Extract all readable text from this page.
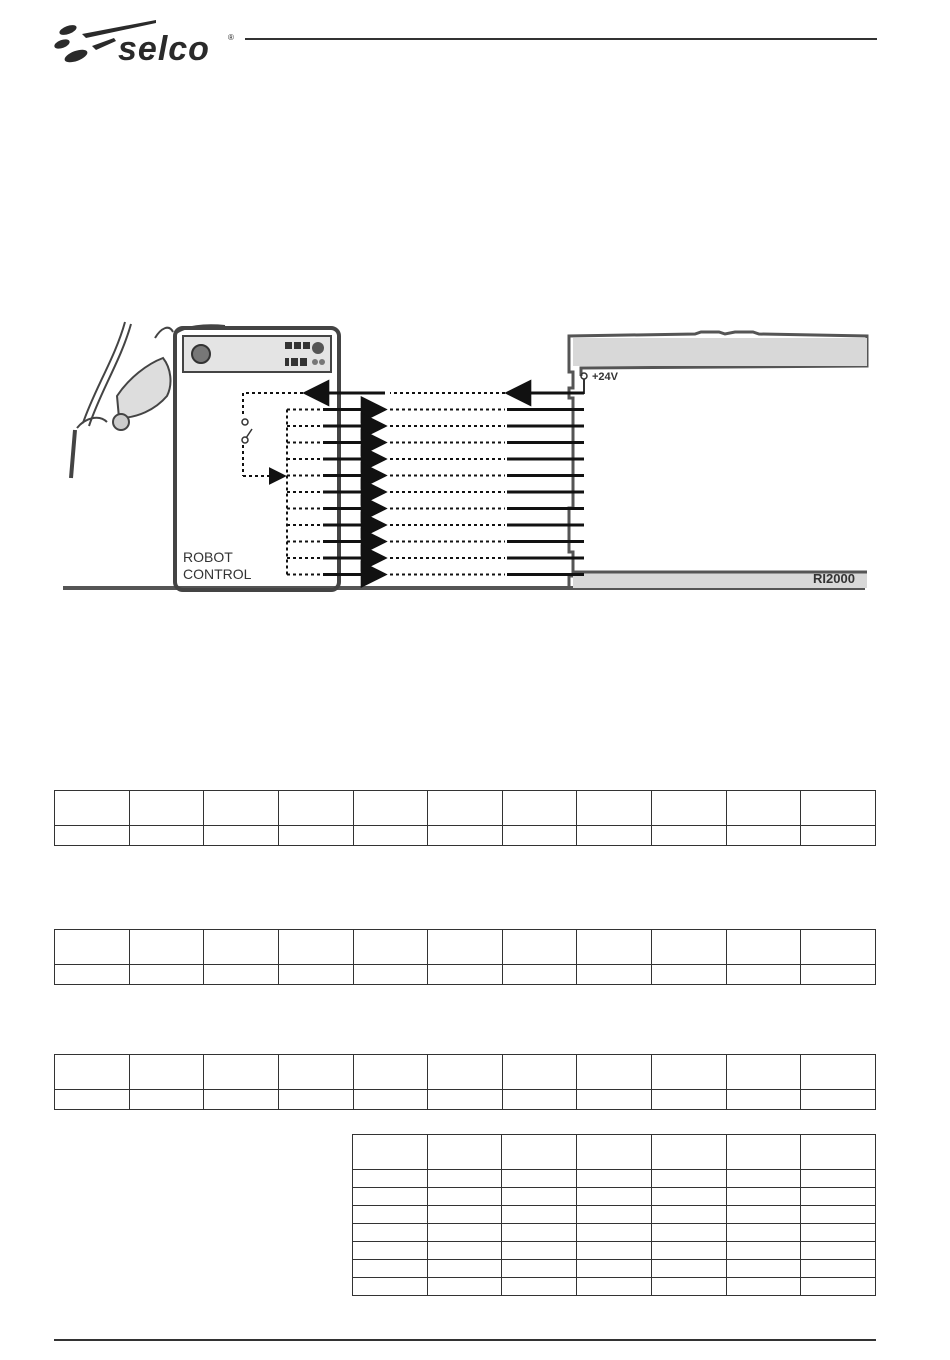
selco ®
ROBOT
CONTROL	RI2000
+24V
